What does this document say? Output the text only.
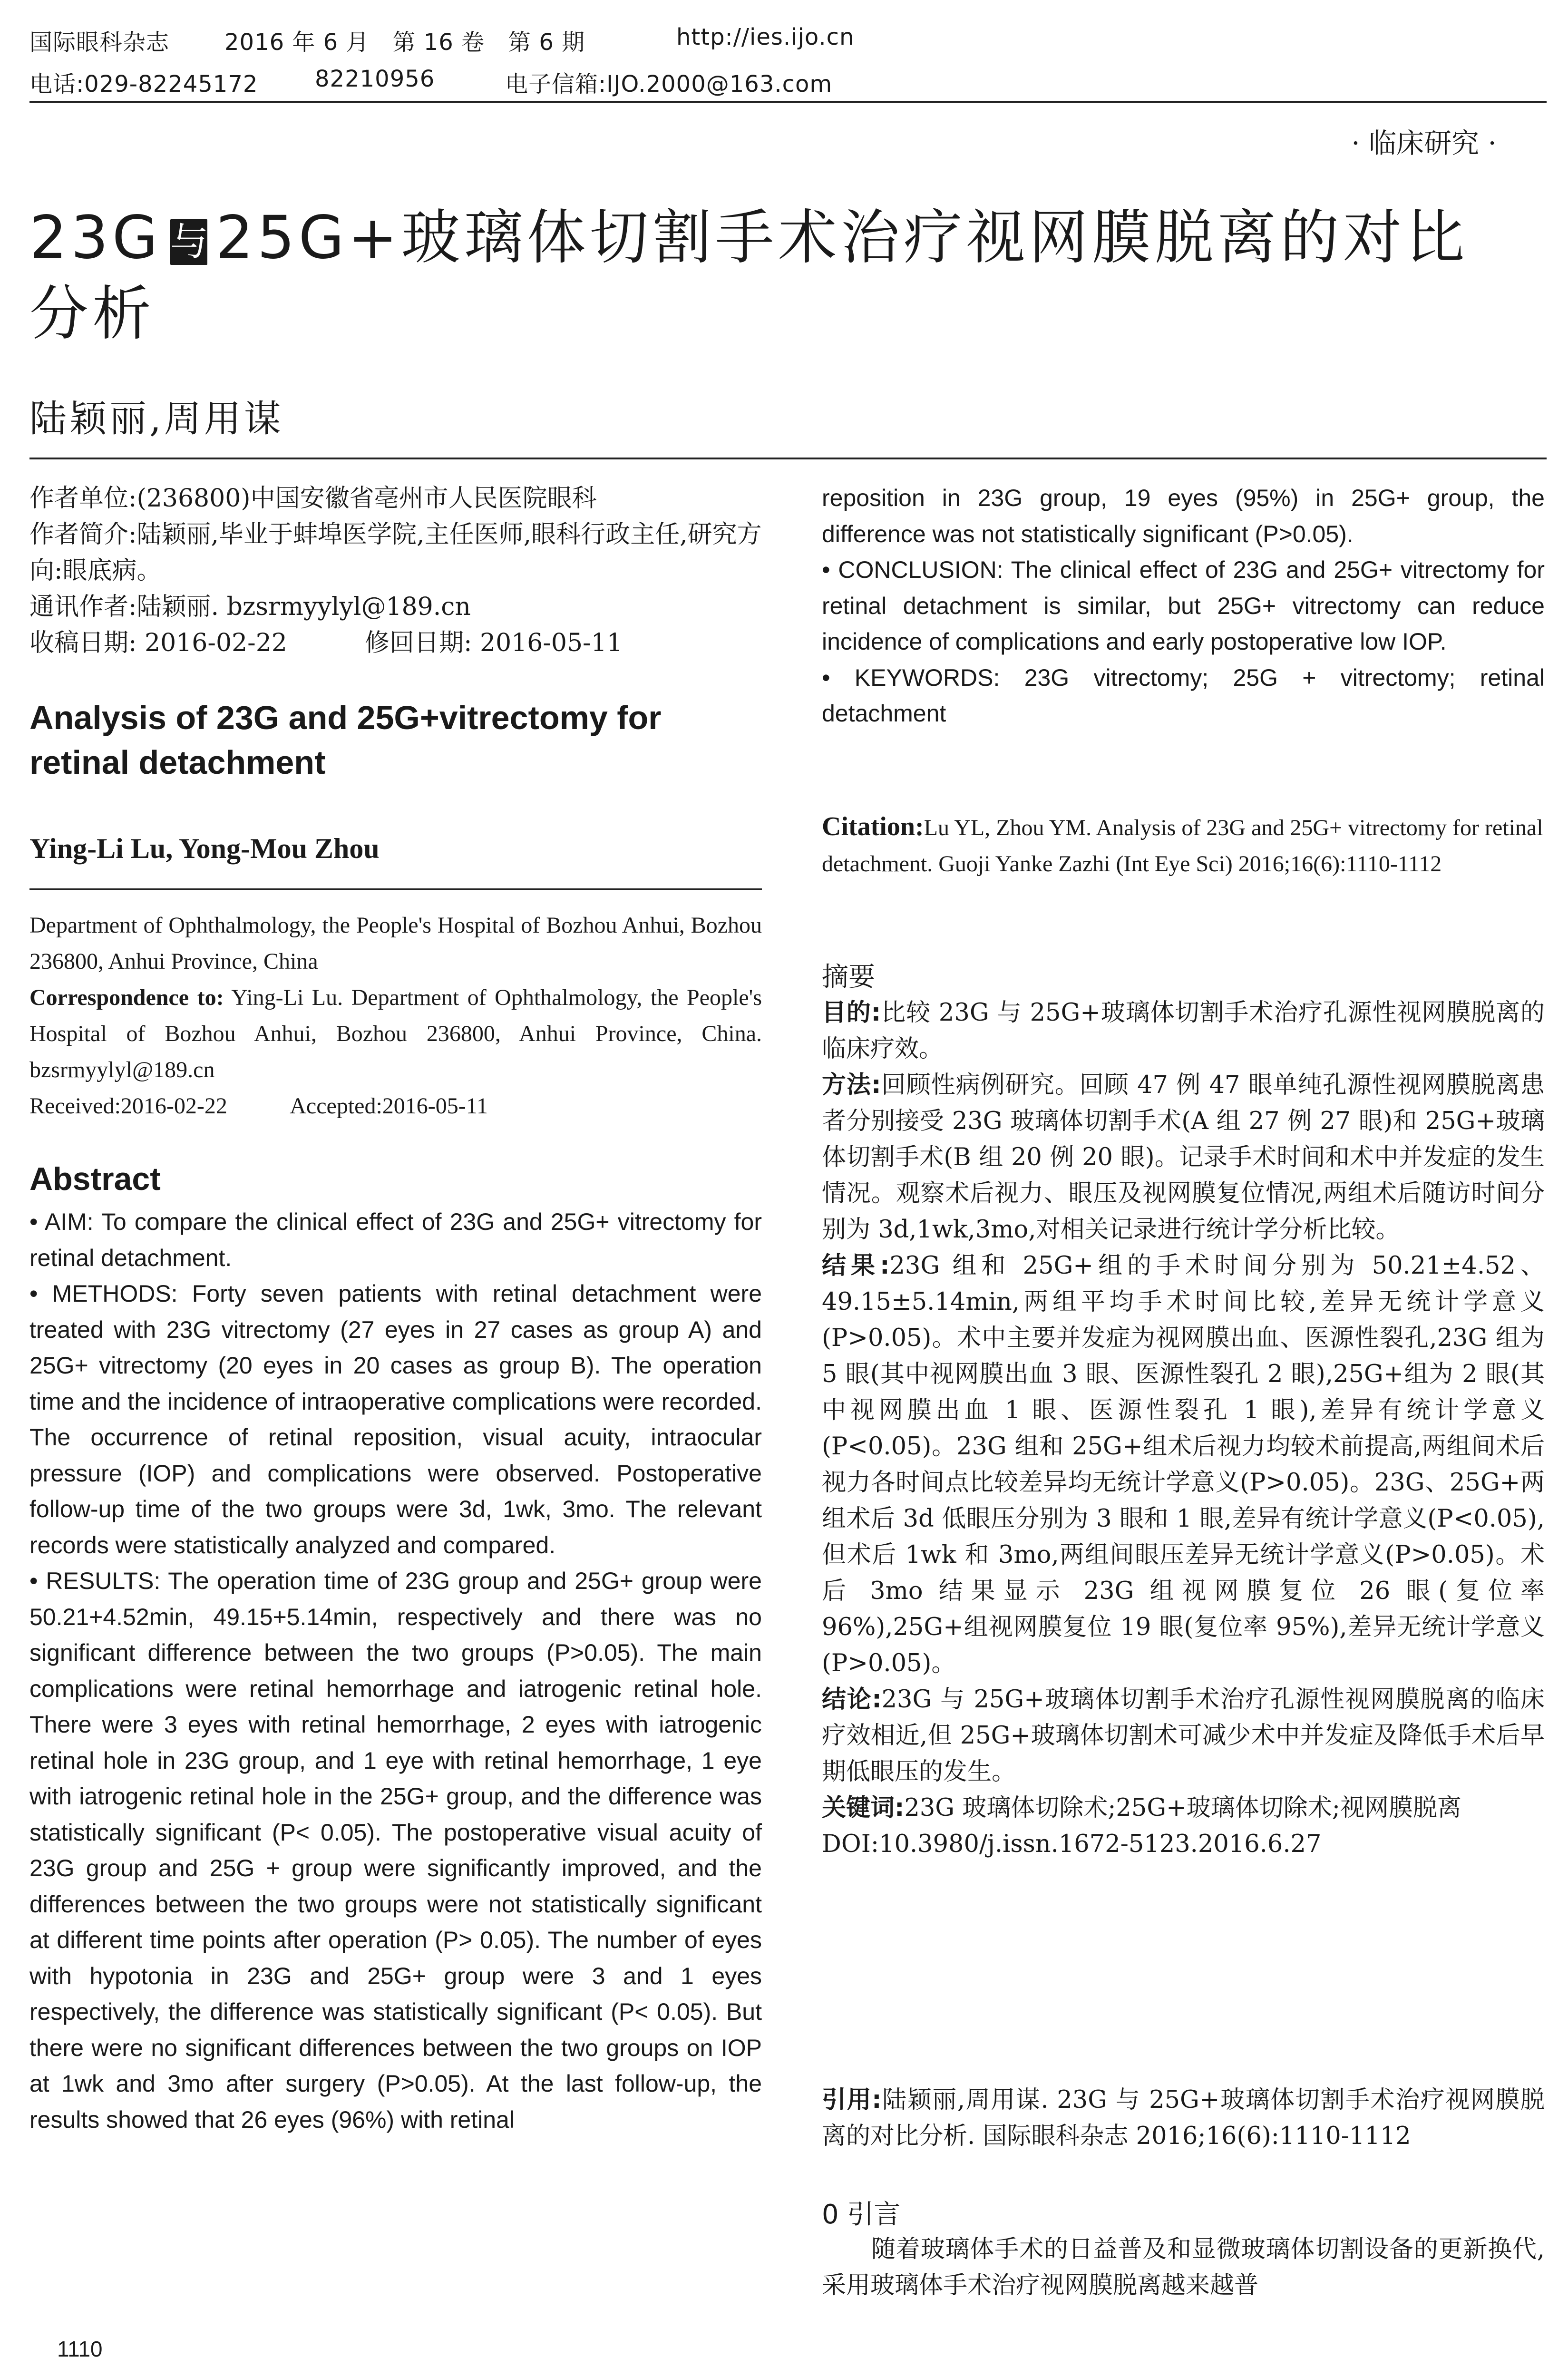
国际眼科杂志 2016 年 6 月　第 16 卷　第 6 期	http://ies.ijo.cn
电话:029-82245172 82210956	电子信箱:IJO.2000@163.com
· 临床研究 ·
23G 与 25G+玻璃体切割手术治疗视网膜脱离的对比
分析
陆颖丽,周用谋

作者单位:(236800)中国安徽省亳州市人民医院眼科

作者简介:陆颖丽,毕业于蚌埠医学院,主任医师,眼科行政主任,研究方向:眼底病。

通讯作者:陆颖丽. bzsrmyylyl@189.cn

收稿日期: 2016-02-22	修回日期: 2016-05-11

Analysis of 23G and 25G+vitrectomy for retinal detachment
Ying-Li Lu, Yong-Mou Zhou

Department of Ophthalmology, the People's Hospital of Bozhou Anhui, Bozhou 236800, Anhui Province, China

Correspondence to: Ying-Li Lu. Department of Ophthalmology, the People's Hospital of Bozhou Anhui, Bozhou 236800, Anhui Province, China. bzsrmyylyl@189.cn

Received:2016-02-22	Accepted:2016-05-11

Abstract

• AIM: To compare the clinical effect of 23G and 25G+ vitrectomy for retinal detachment.

• METHODS: Forty seven patients with retinal detachment were treated with 23G vitrectomy (27 eyes in 27 cases as group A) and 25G+ vitrectomy (20 eyes in 20 cases as group B). The operation time and the incidence of intraoperative complications were recorded. The occurrence of retinal reposition, visual acuity, intraocular pressure (IOP) and complications were observed. Postoperative follow-up time of the two groups were 3d, 1wk, 3mo. The relevant records were statistically analyzed and compared.

• RESULTS: The operation time of 23G group and 25G+ group were 50.21+4.52min, 49.15+5.14min, respectively and there was no significant difference between the two groups (P>0.05). The main complications were retinal hemorrhage and iatrogenic retinal hole. There were 3 eyes with retinal hemorrhage, 2 eyes with iatrogenic retinal hole in 23G group, and 1 eye with retinal hemorrhage, 1 eye with iatrogenic retinal hole in the 25G+ group, and the difference was statistically significant (P< 0.05). The postoperative visual acuity of 23G group and 25G + group were significantly improved, and the differences between the two groups were not statistically significant at different time points after operation (P> 0.05). The number of eyes with hypotonia in 23G and 25G+ group were 3 and 1 eyes respectively, the difference was statistically significant (P< 0.05). But there were no significant differences between the two groups on IOP at 1wk and 3mo after surgery (P>0.05). At the last follow-up, the results showed that 26 eyes (96%) with retinal

1110

reposition in 23G group, 19 eyes (95%) in 25G+ group, the difference was not statistically significant (P>0.05).

• CONCLUSION: The clinical effect of 23G and 25G+ vitrectomy for retinal detachment is similar, but 25G+ vitrectomy can reduce incidence of complications and early postoperative low IOP.

• KEYWORDS: 23G vitrectomy; 25G + vitrectomy; retinal detachment

Citation:Lu YL, Zhou YM. Analysis of 23G and 25G+ vitrectomy for retinal detachment. Guoji Yanke Zazhi (Int Eye Sci) 2016;16(6):1110-1112
摘要

目的:比较 23G 与 25G+玻璃体切割手术治疗孔源性视网膜脱离的临床疗效。

方法:回顾性病例研究。回顾 47 例 47 眼单纯孔源性视网膜脱离患者分别接受 23G 玻璃体切割手术(A 组 27 例 27 眼)和 25G+玻璃体切割手术(B 组 20 例 20 眼)。记录手术时间和术中并发症的发生情况。观察术后视力、眼压及视网膜复位情况,两组术后随访时间分别为 3d,1wk,3mo,对相关记录进行统计学分析比较。

结果:23G 组和 25G+组的手术时间分别为 50.21±4.52、49.15±5.14min,两组平均手术时间比较,差异无统计学意义(P>0.05)。术中主要并发症为视网膜出血、医源性裂孔,23G 组为 5 眼(其中视网膜出血 3 眼、医源性裂孔 2 眼),25G+组为 2 眼(其中视网膜出血 1 眼、医源性裂孔 1 眼),差异有统计学意义(P<0.05)。23G 组和 25G+组术后视力均较术前提高,两组间术后视力各时间点比较差异均无统计学意义(P>0.05)。23G、25G+两组术后 3d 低眼压分别为 3 眼和 1 眼,差异有统计学意义(P<0.05),但术后 1wk 和 3mo,两组间眼压差异无统计学意义(P>0.05)。术后 3mo 结果显示 23G 组视网膜复位 26 眼(复位率 96%),25G+组视网膜复位 19 眼(复位率 95%),差异无统计学意义(P>0.05)。

结论:23G 与 25G+玻璃体切割手术治疗孔源性视网膜脱离的临床疗效相近,但 25G+玻璃体切割术可减少术中并发症及降低手术后早期低眼压的发生。

关键词:23G 玻璃体切除术;25G+玻璃体切除术;视网膜脱离

DOI:10.3980/j.issn.1672-5123.2016.6.27

引用:陆颖丽,周用谋. 23G 与 25G+玻璃体切割手术治疗视网膜脱离的对比分析. 国际眼科杂志 2016;16(6):1110-1112
0 引言
随着玻璃体手术的日益普及和显微玻璃体切割设备的更新换代,采用玻璃体手术治疗视网膜脱离越来越普
